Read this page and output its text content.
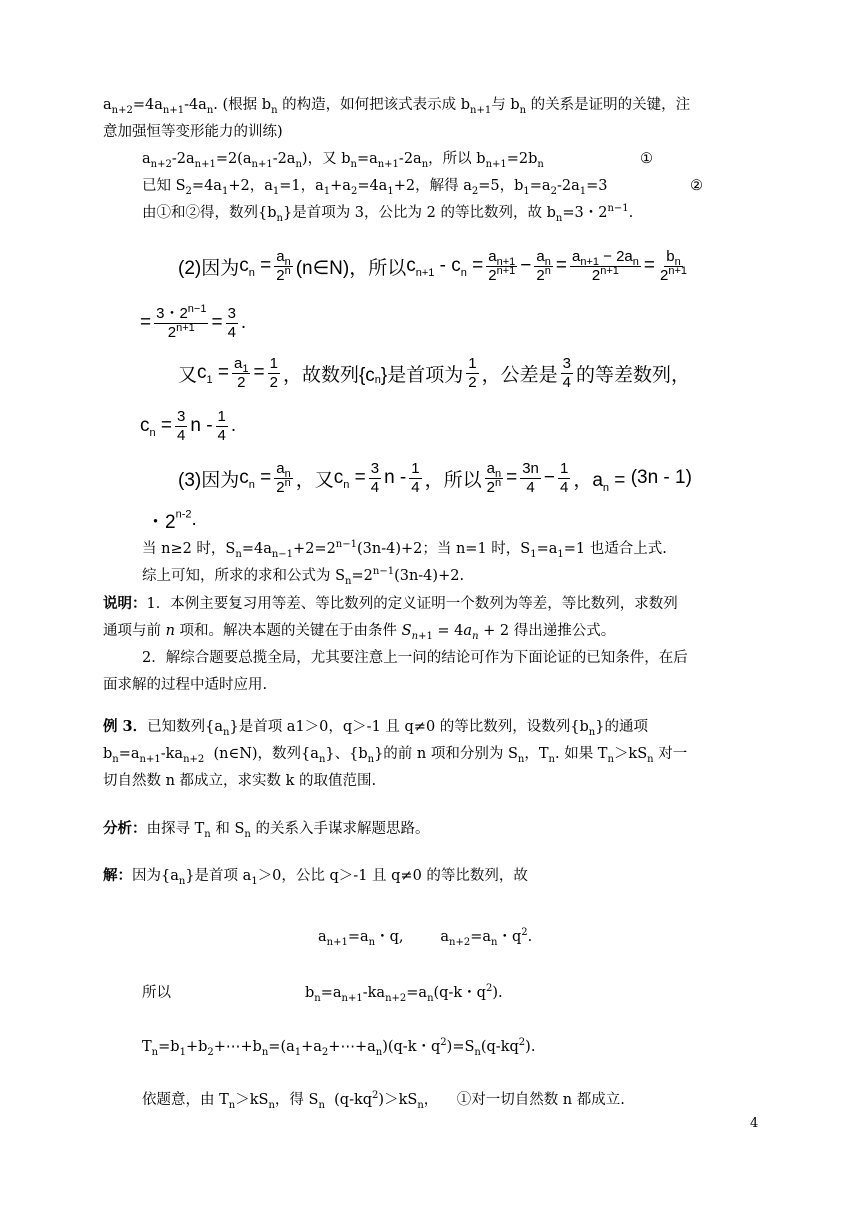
$a_{n+2}=4a_{n+1}-4a_n$. (根据 $b_n$ 的构造，如何把该式表示成 $b_{n+1}$与 $b_n$ 的关系是证明的关键，注
意加强恒等变形能力的训练)
$a_{n+2}-2a_{n+1}=2(a_{n+1}-2a_n)$，又 $b_n=a_{n+1}-2a_n$，所以 $b_{n+1}=2b_n$	①
已知 $S_2=4a_1+2$，$a_1=1$，$a_1+a_2=4a_1+2$，解得 $a_2=5$，$b_1=a_2-2a_1=3$	②
由①和②得，数列$\{b_n\}$是首项为 3，公比为 2 的等比数列，故 $b_n=3$・$2^{n-1}$.
(2)因为 $c_n = \frac{a_n}{2^n}$ (n∈N)，所以 $c_{n+1} - c_n = \frac{a_{n+1}}{2^{n+1}} - \frac{a_n}{2^n} = \frac{a_{n+1} - 2a_n}{2^{n+1}} = \frac{b_n}{2^{n+1}}$
= $\frac{3・2^{n-1}}{2^{n+1}} = \frac{3}{4}$ .
又 $c_1 = \frac{a_1}{2} = \frac{1}{2}$ ，故数列{c $_n$ }是首项为
1
2 ，公差是
3
4 的等差数列，
$c_n = \frac{3}{4}$ n - 1
4 .
(3)因为 $c_n = \frac{a_n}{2^n}$ ，又 $c_n = \frac{3}{4}$ n - 1
4 ，所以 $\frac{a_n}{2^n} = \frac{3n}{4} - \frac{1}{4}$ ，$a_n = (3n - 1)$
・2 $^{n-2}$.
当 n≥2 时，$S_n=4a_{n-1}+2=2^{n-1}(3n-4)+2$；当 n=1 时，$S_1=a_1=1$ 也适合上式.
综上可知，所求的求和公式为 $S_n=2^{n-1}(3n-4)+2$.
说明：1．本例主要复习用等差、等比数列的定义证明一个数列为等差，等比数列，求数列
通项与前 n 项和。解决本题的关键在于由条件 $S_{n+1} = 4a_n + 2$ 得出递推公式。
2．解综合题要总揽全局，尤其要注意上一问的结论可作为下面论证的已知条件，在后
面求解的过程中适时应用.
例 3．已知数列$\{a_n\}$是首项 a1＞0，q＞-1 且 q≠0 的等比数列，设数列$\{b_n\}$的通项
$b_n=a_{n+1}-ka_{n+2}$  (n∈N)，数列$\{a_n\}$、$\{b_n\}$的前 n 项和分别为 $S_n$，$T_n$. 如果 $T_n>kS_n$ 对一
切自然数 n 都成立，求实数 k 的取值范围.
分析：由探寻 $T_n$ 和 $S_n$ 的关系入手谋求解题思路。
解：因为$\{a_n\}$是首项 $a_1>0$，公比 q＞-1 且 q≠0 的等比数列，故
$a_{n+1}=a_n$・q,        $a_{n+2}=a_n$・$q^2$.
所以	$b_n=a_{n+1}-ka_{n+2}=a_n(q-k$・$q^2$).
$T_n=b_1+b_2+\cdots+b_n=(a_1+a_2+\cdots+a_n)(q-k$・$q^2)=S_n(q-kq^2)$.
依题意，由 $T_n>kS_n$，得 $S_n$  $(q-kq^2)>kS_n$，    ①对一切自然数 n 都成立.
4
